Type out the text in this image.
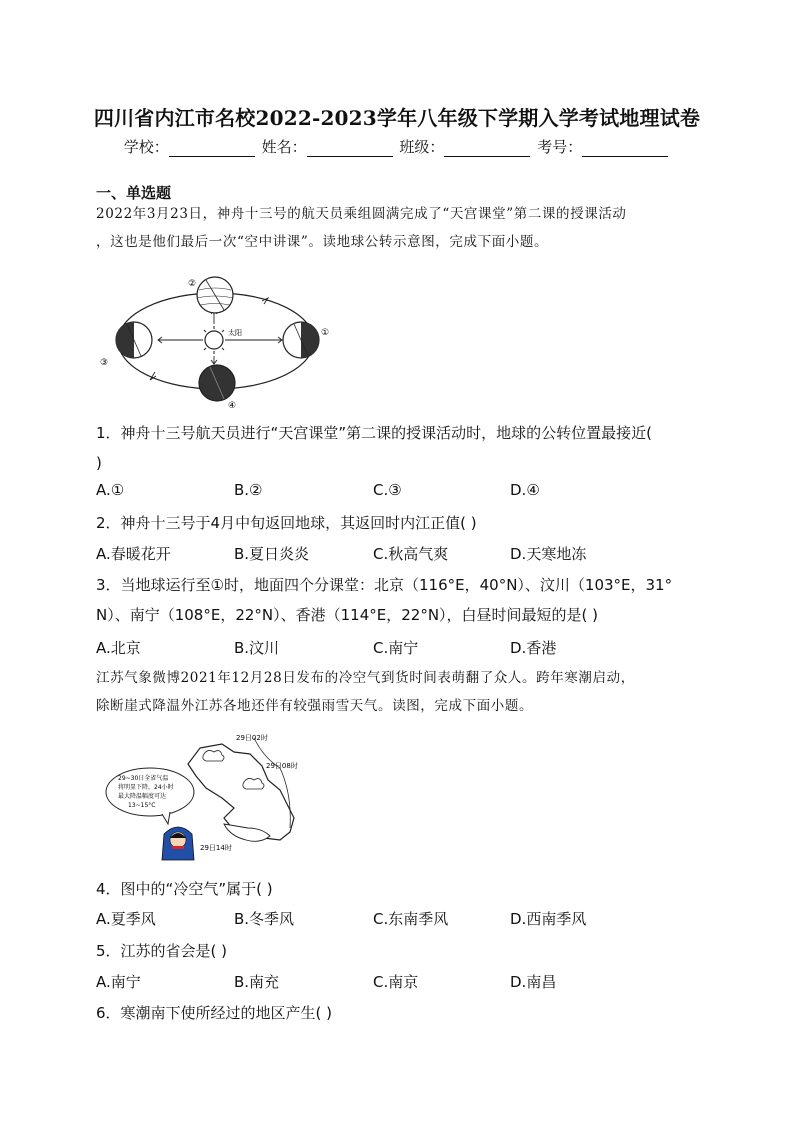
四川省内江市名校2022-2023学年八年级下学期入学考试地理试卷
学校：	姓名：	班级：	考号：
一、单选题
2022年3月23日，神舟十三号的航天员乘组圆满完成了“天宫课堂”第二课的授课活动
，这也是他们最后一次“空中讲课”。读地球公转示意图，完成下面小题。
太阳
②
①
③
④
1．神舟十三号航天员进行“天宫课堂”第二课的授课活动时，地球的公转位置最接近(
)
A.①	B.②	C.③	D.④
2．神舟十三号于4月中旬返回地球，其返回时内江正值( )
A.春暖花开	B.夏日炎炎	C.秋高气爽	D.天寒地冻
3．当地球运行至①时，地面四个分课堂：北京（116°E，40°N）、汶川（103°E，31°
N）、南宁（108°E，22°N）、香港（114°E，22°N），白昼时间最短的是( )
A.北京	B.汶川	C.南宁	D.香港
江苏气象微博2021年12月28日发布的冷空气到货时间表萌翻了众人。跨年寒潮启动，
除断崖式降温外江苏各地还伴有较强雨雪天气。读图，完成下面小题。
29日02时
29日08时
29日14时
29~30日全省气温
将明显下降，24小时
最大降温幅度可达
13~15°C
4．图中的“冷空气”属于( )
A.夏季风	B.冬季风	C.东南季风	D.西南季风
5．江苏的省会是( )
A.南宁	B.南充	C.南京	D.南昌
6．寒潮南下使所经过的地区产生( )
